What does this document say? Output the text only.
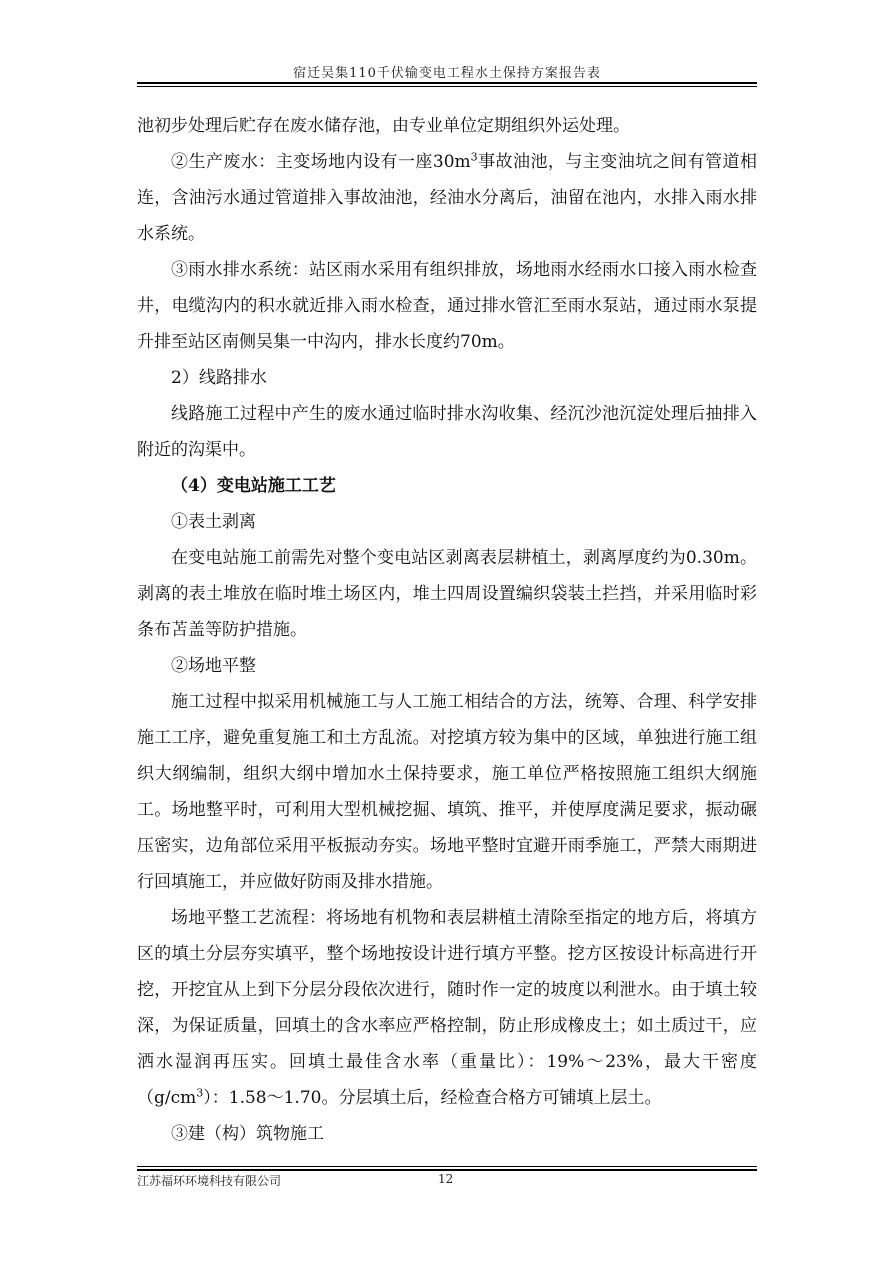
宿迁吴集110千伏输变电工程水土保持方案报告表

池初步处理后贮存在废水储存池，由专业单位定期组织外运处理。

②生产废水：主变场地内设有一座$30m^3$事故油池，与主变油坑之间有管道相连，含油污水通过管道排入事故油池，经油水分离后，油留在池内，水排入雨水排水系统。

③雨水排水系统：站区雨水采用有组织排放，场地雨水经雨水口接入雨水检查井，电缆沟内的积水就近排入雨水检查，通过排水管汇至雨水泵站，通过雨水泵提升排至站区南侧吴集一中沟内，排水长度约70m。

2）线路排水

线路施工过程中产生的废水通过临时排水沟收集、经沉沙池沉淀处理后抽排入附近的沟渠中。

（4）变电站施工工艺

①表土剥离

在变电站施工前需先对整个变电站区剥离表层耕植土，剥离厚度约为0.30m。剥离的表土堆放在临时堆土场区内，堆土四周设置编织袋装土拦挡，并采用临时彩条布苫盖等防护措施。

②场地平整

施工过程中拟采用机械施工与人工施工相结合的方法，统筹、合理、科学安排施工工序，避免重复施工和土方乱流。对挖填方较为集中的区域，单独进行施工组织大纲编制，组织大纲中增加水土保持要求，施工单位严格按照施工组织大纲施工。场地整平时，可利用大型机械挖掘、填筑、推平，并使厚度满足要求，振动碾压密实，边角部位采用平板振动夯实。场地平整时宜避开雨季施工，严禁大雨期进行回填施工，并应做好防雨及排水措施。

场地平整工艺流程：将场地有机物和表层耕植土清除至指定的地方后，将填方区的填土分层夯实填平，整个场地按设计进行填方平整。挖方区按设计标高进行开挖，开挖宜从上到下分层分段依次进行，随时作一定的坡度以利泄水。由于填土较深，为保证质量，回填土的含水率应严格控制，防止形成橡皮土；如土质过干，应洒水湿润再压实。回填土最佳含水率（重量比）：19%～23%，最大干密度$(g/cm^3)$：1.58～1.70。分层填土后，经检查合格方可铺填上层土。

③建（构）筑物施工

江苏福环环境科技有限公司	12
